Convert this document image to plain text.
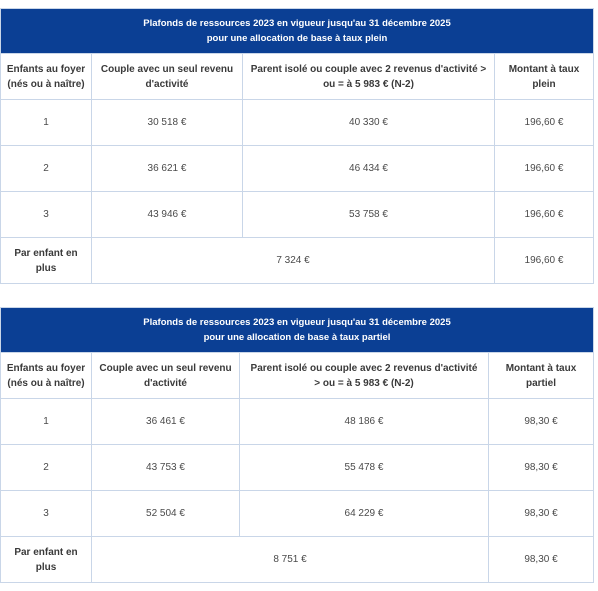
Plafonds de ressources 2023 en vigueur jusqu'au 31 décembre 2025
pour une allocation de base à taux plein			

Enfants au foyer
(nés ou à naître)	Couple avec un seul revenu
d'activité	Parent isolé ou couple avec 2 revenus d'activité >
ou = à 5 983 € (N-2)	Montant à taux
plein

1	30 518 €	40 330 €	196,60 €
2	36 621 €	46 434 €	196,60 €
3	43 946 €	53 758 €	196,60 €

Par enfant en
plus	7 324 €		196,60 €
Plafonds de ressources 2023 en vigueur jusqu'au 31 décembre 2025
pour une allocation de base à taux partiel			

Enfants au foyer
(nés ou à naître)	Couple avec un seul revenu
d'activité	Parent isolé ou couple avec 2 revenus d'activité
> ou = à 5 983 € (N-2)	Montant à taux
partiel

1	36 461 €	48 186 €	98,30 €
2	43 753 €	55 478 €	98,30 €
3	52 504 €	64 229 €	98,30 €

Par enfant en
plus	8 751 €		98,30 €
